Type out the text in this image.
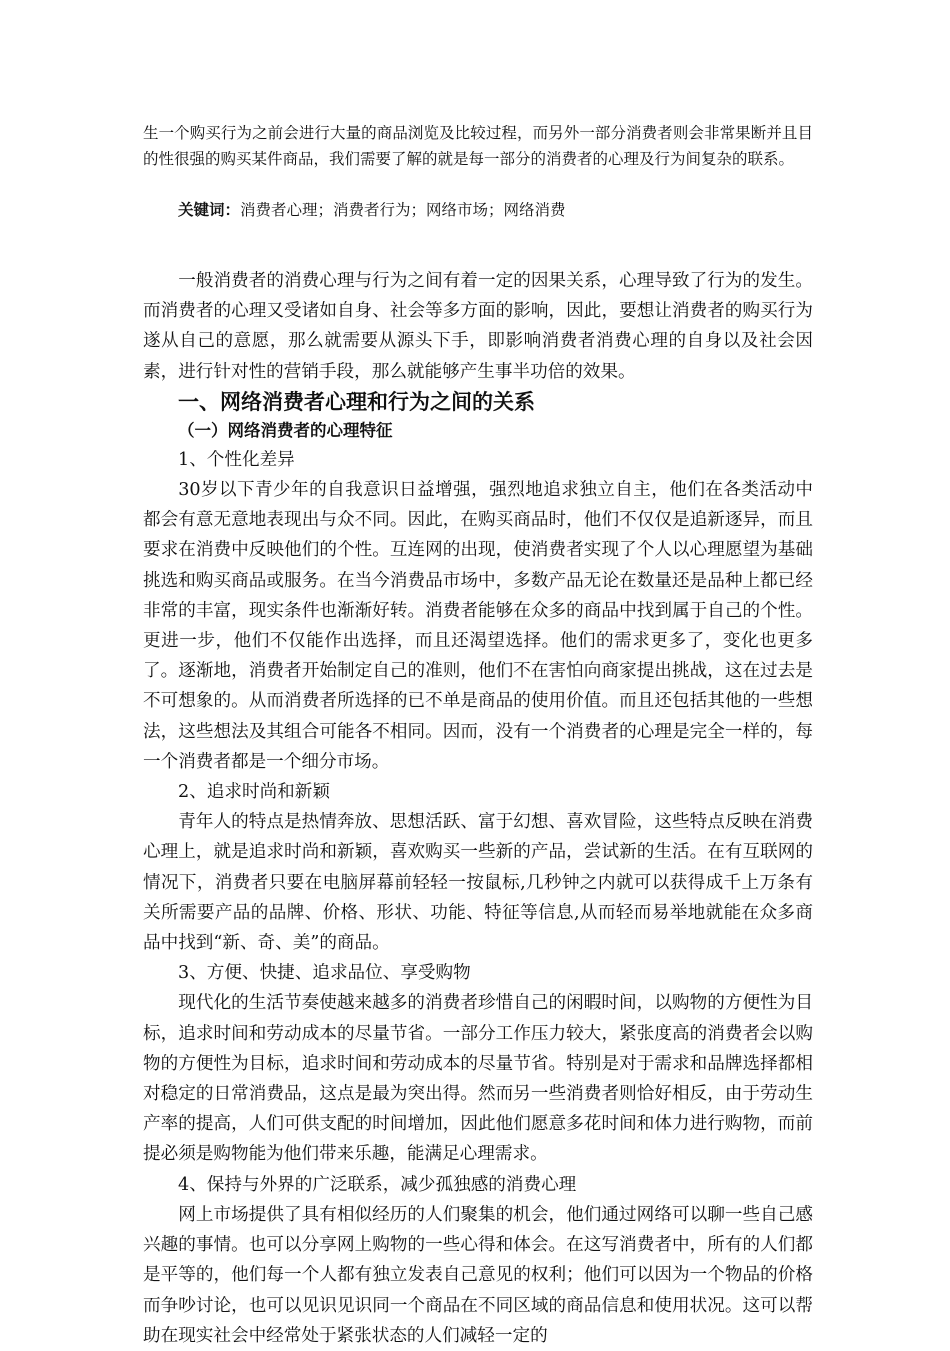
生一个购买行为之前会进行大量的商品浏览及比较过程，而另外一部分消费者则会非常果断并且目的性很强的购买某件商品，我们需要了解的就是每一部分的消费者的心理及行为间复杂的联系。

关键词：消费者心理；消费者行为；网络市场；网络消费

一般消费者的消费心理与行为之间有着一定的因果关系，心理导致了行为的发生。而消费者的心理又受诸如自身、社会等多方面的影响，因此，要想让消费者的购买行为遂从自己的意愿，那么就需要从源头下手，即影响消费者消费心理的自身以及社会因素，进行针对性的营销手段，那么就能够产生事半功倍的效果。

一、网络消费者心理和行为之间的关系

（一）网络消费者的心理特征

1、个性化差异

30岁以下青少年的自我意识日益增强，强烈地追求独立自主，他们在各类活动中都会有意无意地表现出与众不同。因此，在购买商品时，他们不仅仅是追新逐异，而且要求在消费中反映他们的个性。互连网的出现，使消费者实现了个人以心理愿望为基础挑选和购买商品或服务。在当今消费品市场中，多数产品无论在数量还是品种上都已经非常的丰富，现实条件也渐渐好转。消费者能够在众多的商品中找到属于自己的个性。更进一步，他们不仅能作出选择，而且还渴望选择。他们的需求更多了，变化也更多了。逐渐地，消费者开始制定自己的准则，他们不在害怕向商家提出挑战，这在过去是不可想象的。从而消费者所选择的已不单是商品的使用价值。而且还包括其他的一些想法，这些想法及其组合可能各不相同。因而，没有一个消费者的心理是完全一样的，每一个消费者都是一个细分市场。

2、追求时尚和新颖

青年人的特点是热情奔放、思想活跃、富于幻想、喜欢冒险，这些特点反映在消费心理上，就是追求时尚和新颖，喜欢购买一些新的产品，尝试新的生活。在有互联网的情况下，消费者只要在电脑屏幕前轻轻一按鼠标,几秒钟之内就可以获得成千上万条有关所需要产品的品牌、价格、形状、功能、特征等信息,从而轻而易举地就能在众多商品中找到“新、奇、美”的商品。

3、方便、快捷、追求品位、享受购物

现代化的生活节奏使越来越多的消费者珍惜自己的闲暇时间，以购物的方便性为目标，追求时间和劳动成本的尽量节省。一部分工作压力较大，紧张度高的消费者会以购物的方便性为目标，追求时间和劳动成本的尽量节省。特别是对于需求和品牌选择都相对稳定的日常消费品，这点是最为突出得。然而另一些消费者则恰好相反，由于劳动生产率的提高，人们可供支配的时间增加，因此他们愿意多花时间和体力进行购物，而前提必须是购物能为他们带来乐趣，能满足心理需求。

4、保持与外界的广泛联系，减少孤独感的消费心理

网上市场提供了具有相似经历的人们聚集的机会，他们通过网络可以聊一些自己感兴趣的事情。也可以分享网上购物的一些心得和体会。在这写消费者中，所有的人们都是平等的，他们每一个人都有独立发表自己意见的权利；他们可以因为一个物品的价格而争吵讨论，也可以见识见识同一个商品在不同区域的商品信息和使用状况。这可以帮助在现实社会中经常处于紧张状态的人们减轻一定的
